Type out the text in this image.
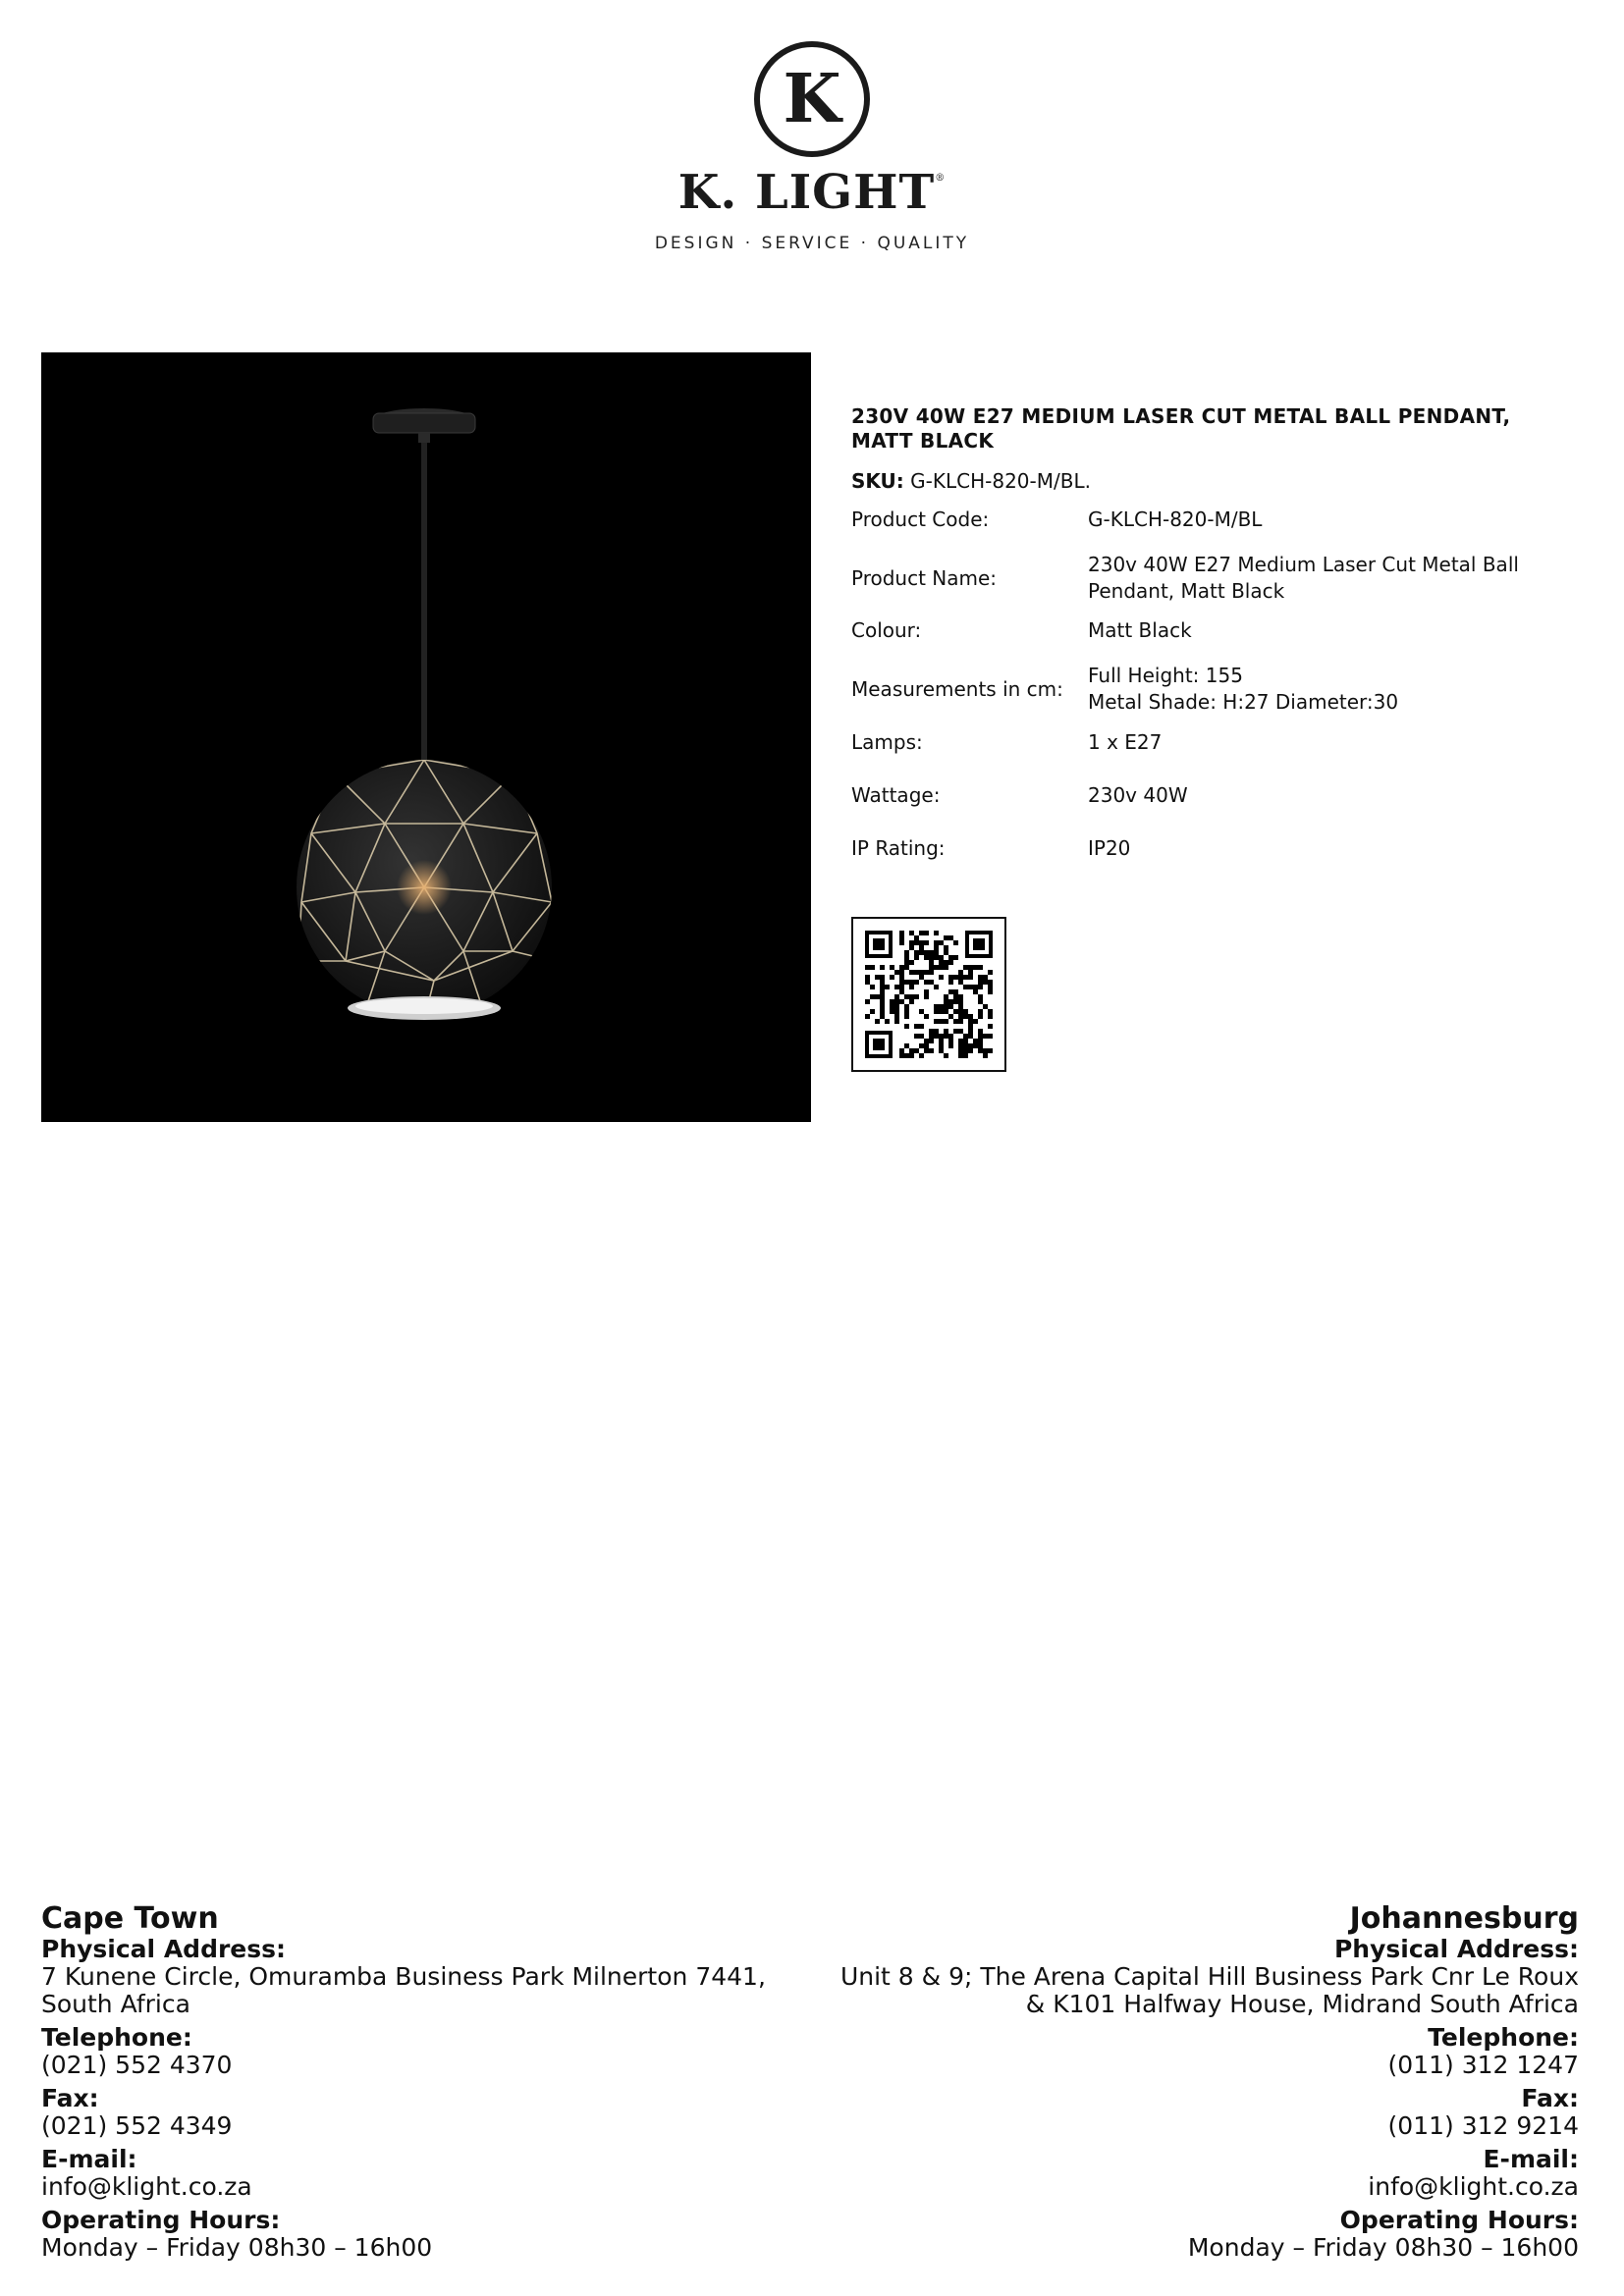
K
K. LIGHT®
DESIGN · SERVICE · QUALITY
230V 40W E27 MEDIUM LASER CUT METAL BALL PENDANT, MATT BLACK
SKU: G-KLCH-820-M/BL.
Product Code:	G-KLCH-820-M/BL
Product Name:
230v 40W E27 Medium Laser Cut Metal Ball Pendant, Matt Black
Colour:	Matt Black
Measurements in cm:
Full Height: 155
Metal Shade: H:27 Diameter:30
Lamps:	1 x E27
Wattage:	230v 40W
IP Rating:	IP20
Cape Town
Physical Address:
7 Kunene Circle, Omuramba Business Park Milnerton 7441,
South Africa
Telephone:
(021) 552 4370
Fax:
(021) 552 4349
E-mail:
info@klight.co.za
Operating Hours:
Monday – Friday 08h30 – 16h00
Johannesburg
Physical Address:
Unit 8 & 9; The Arena Capital Hill Business Park Cnr Le Roux
& K101 Halfway House, Midrand South Africa
Telephone:
(011) 312 1247
Fax:
(011) 312 9214
E-mail:
info@klight.co.za
Operating Hours:
Monday – Friday 08h30 – 16h00
